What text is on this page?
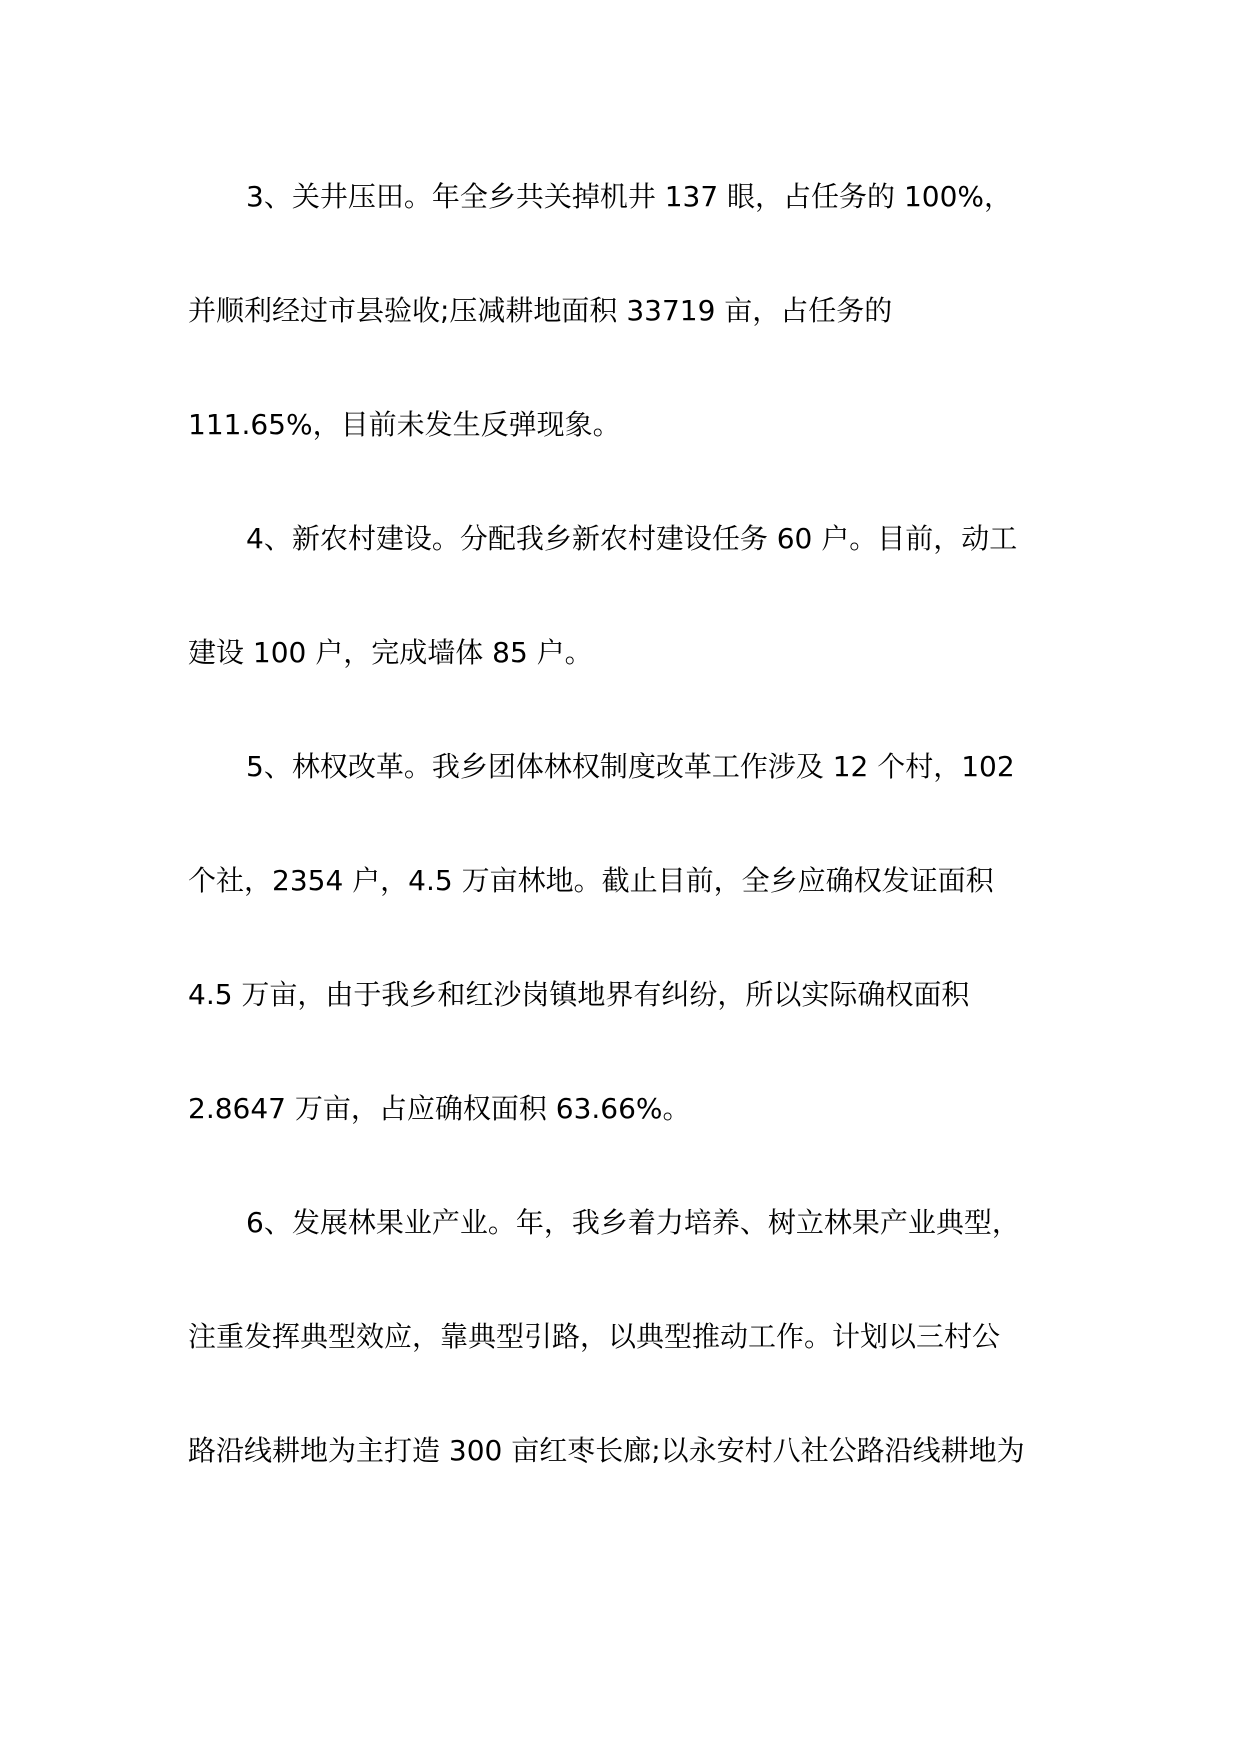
3、关井压田。年全乡共关掉机井 137 眼，占任务的 100%，
并顺利经过市县验收;压减耕地面积 33719 亩，占任务的
111.65%，目前未发生反弹现象。
4、新农村建设。分配我乡新农村建设任务 60 户。目前，动工
建设 100 户，完成墙体 85 户。
5、林权改革。我乡团体林权制度改革工作涉及 12 个村，102
个社，2354 户，4.5 万亩林地。截止目前，全乡应确权发证面积
4.5 万亩，由于我乡和红沙岗镇地界有纠纷，所以实际确权面积
2.8647 万亩，占应确权面积 63.66%。
6、发展林果业产业。年，我乡着力培养、树立林果产业典型，
注重发挥典型效应，靠典型引路，以典型推动工作。计划以三村公
路沿线耕地为主打造 300 亩红枣长廊;以永安村八社公路沿线耕地为
